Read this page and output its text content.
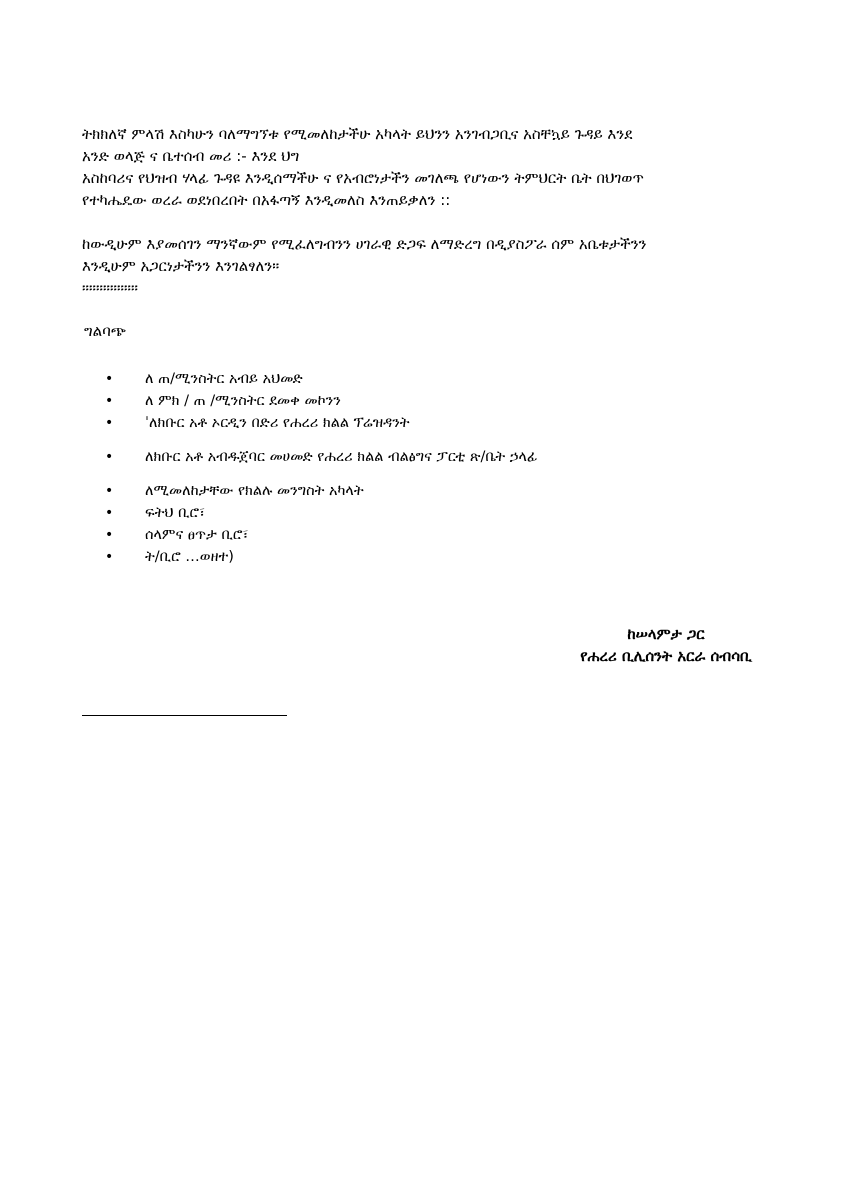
ትክክለኛ ምላሽ እስካሁን ባለማግኘቱ የሚመለከታችሁ አካላት ይህንን አንገብጋቢና አስቸኳይ ጉዳይ እንደ
አንድ ወላጅ ና ቤተሰብ መሪ :- እንደ ህግ
አስከባሪና የህዝብ ሃላፊ ጉዳዩ እንዲሰማችሁ ና የአብሮነታችን መገለጫ የሆነውን ትምህርት ቤት በህገወጥ
የተካሔዴው ወረራ ወደነበረበት በአፋጣኝ እንዲመለስ እንጠይቃለን ::
ከውዲሁም እያመሰገን ማንኛውም የሚፈለግብንን ሀገራዊ ድጋፍ ለማድረግ በዲያስፖራ ሰም አቤቱታችንን
እንዲሁም አጋርነታችንን እንገልፃለን።
።።።።።።።።
ግልባጭ
• ለ ጠ/ሚንስትር አብይ አህመድ
• ለ ምክ / ጠ /ሚንስትር ደመቀ መኮንን
• ˈለክቡር አቶ ኦርዲን በድሪ የሐረሪ ክልል ፕሬዝዳንት
• ለክቡር አቶ አብዱጀባር መሀመድ የሐረሪ ክልል ብልፅግና ፓርቲ ጽ/ቤት ኃላፊ
• ለሚመለከታቸው የክልሉ መንግስት አካላት
• ፍትህ ቢሮ፣
• ሰላምና ፀጥታ ቢሮ፣
• ት/ቢሮ …ወዘተ)
ከሠላምታ ጋር
የሐረሪ ቢሊሰንት አርራ ሰብሳቢ
